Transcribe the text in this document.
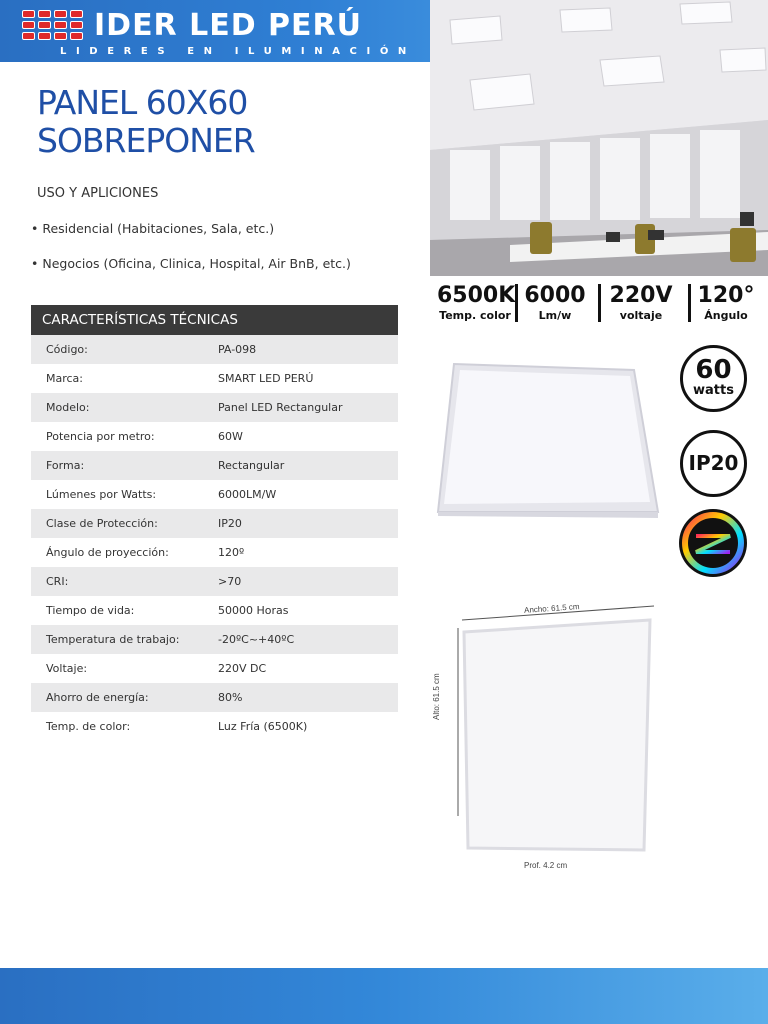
IDER LED PERÚ
LIDERES EN ILUMINACIÓN
PANEL 60X60
SOBREPONER
USO Y APLICIONES
• Residencial (Habitaciones, Sala, etc.)
• Negocios (Oficina, Clinica, Hospital, Air BnB, etc.)
6500K
Temp. color
6000
Lm/w
220V
voltaje
120°
Ángulo
CARACTERÍSTICAS TÉCNICAS
Código:	PA-098
Marca:	SMART LED PERÚ
Modelo:	Panel LED Rectangular
Potencia por metro:	60W
Forma:	Rectangular
Lúmenes por Watts:	6000LM/W
Clase de Protección:	IP20
Ángulo de proyección:	120º
CRI:	>70
Tiempo de vida:	50000 Horas
Temperatura de trabajo:	-20ºC~+40ºC
Voltaje:	220V DC
Ahorro de energía:	80%
Temp. de color:	Luz Fría (6500K)
60
watts
IP20
Ancho: 61.5 cm
Alto: 61.5 cm
Prof. 4.2 cm
